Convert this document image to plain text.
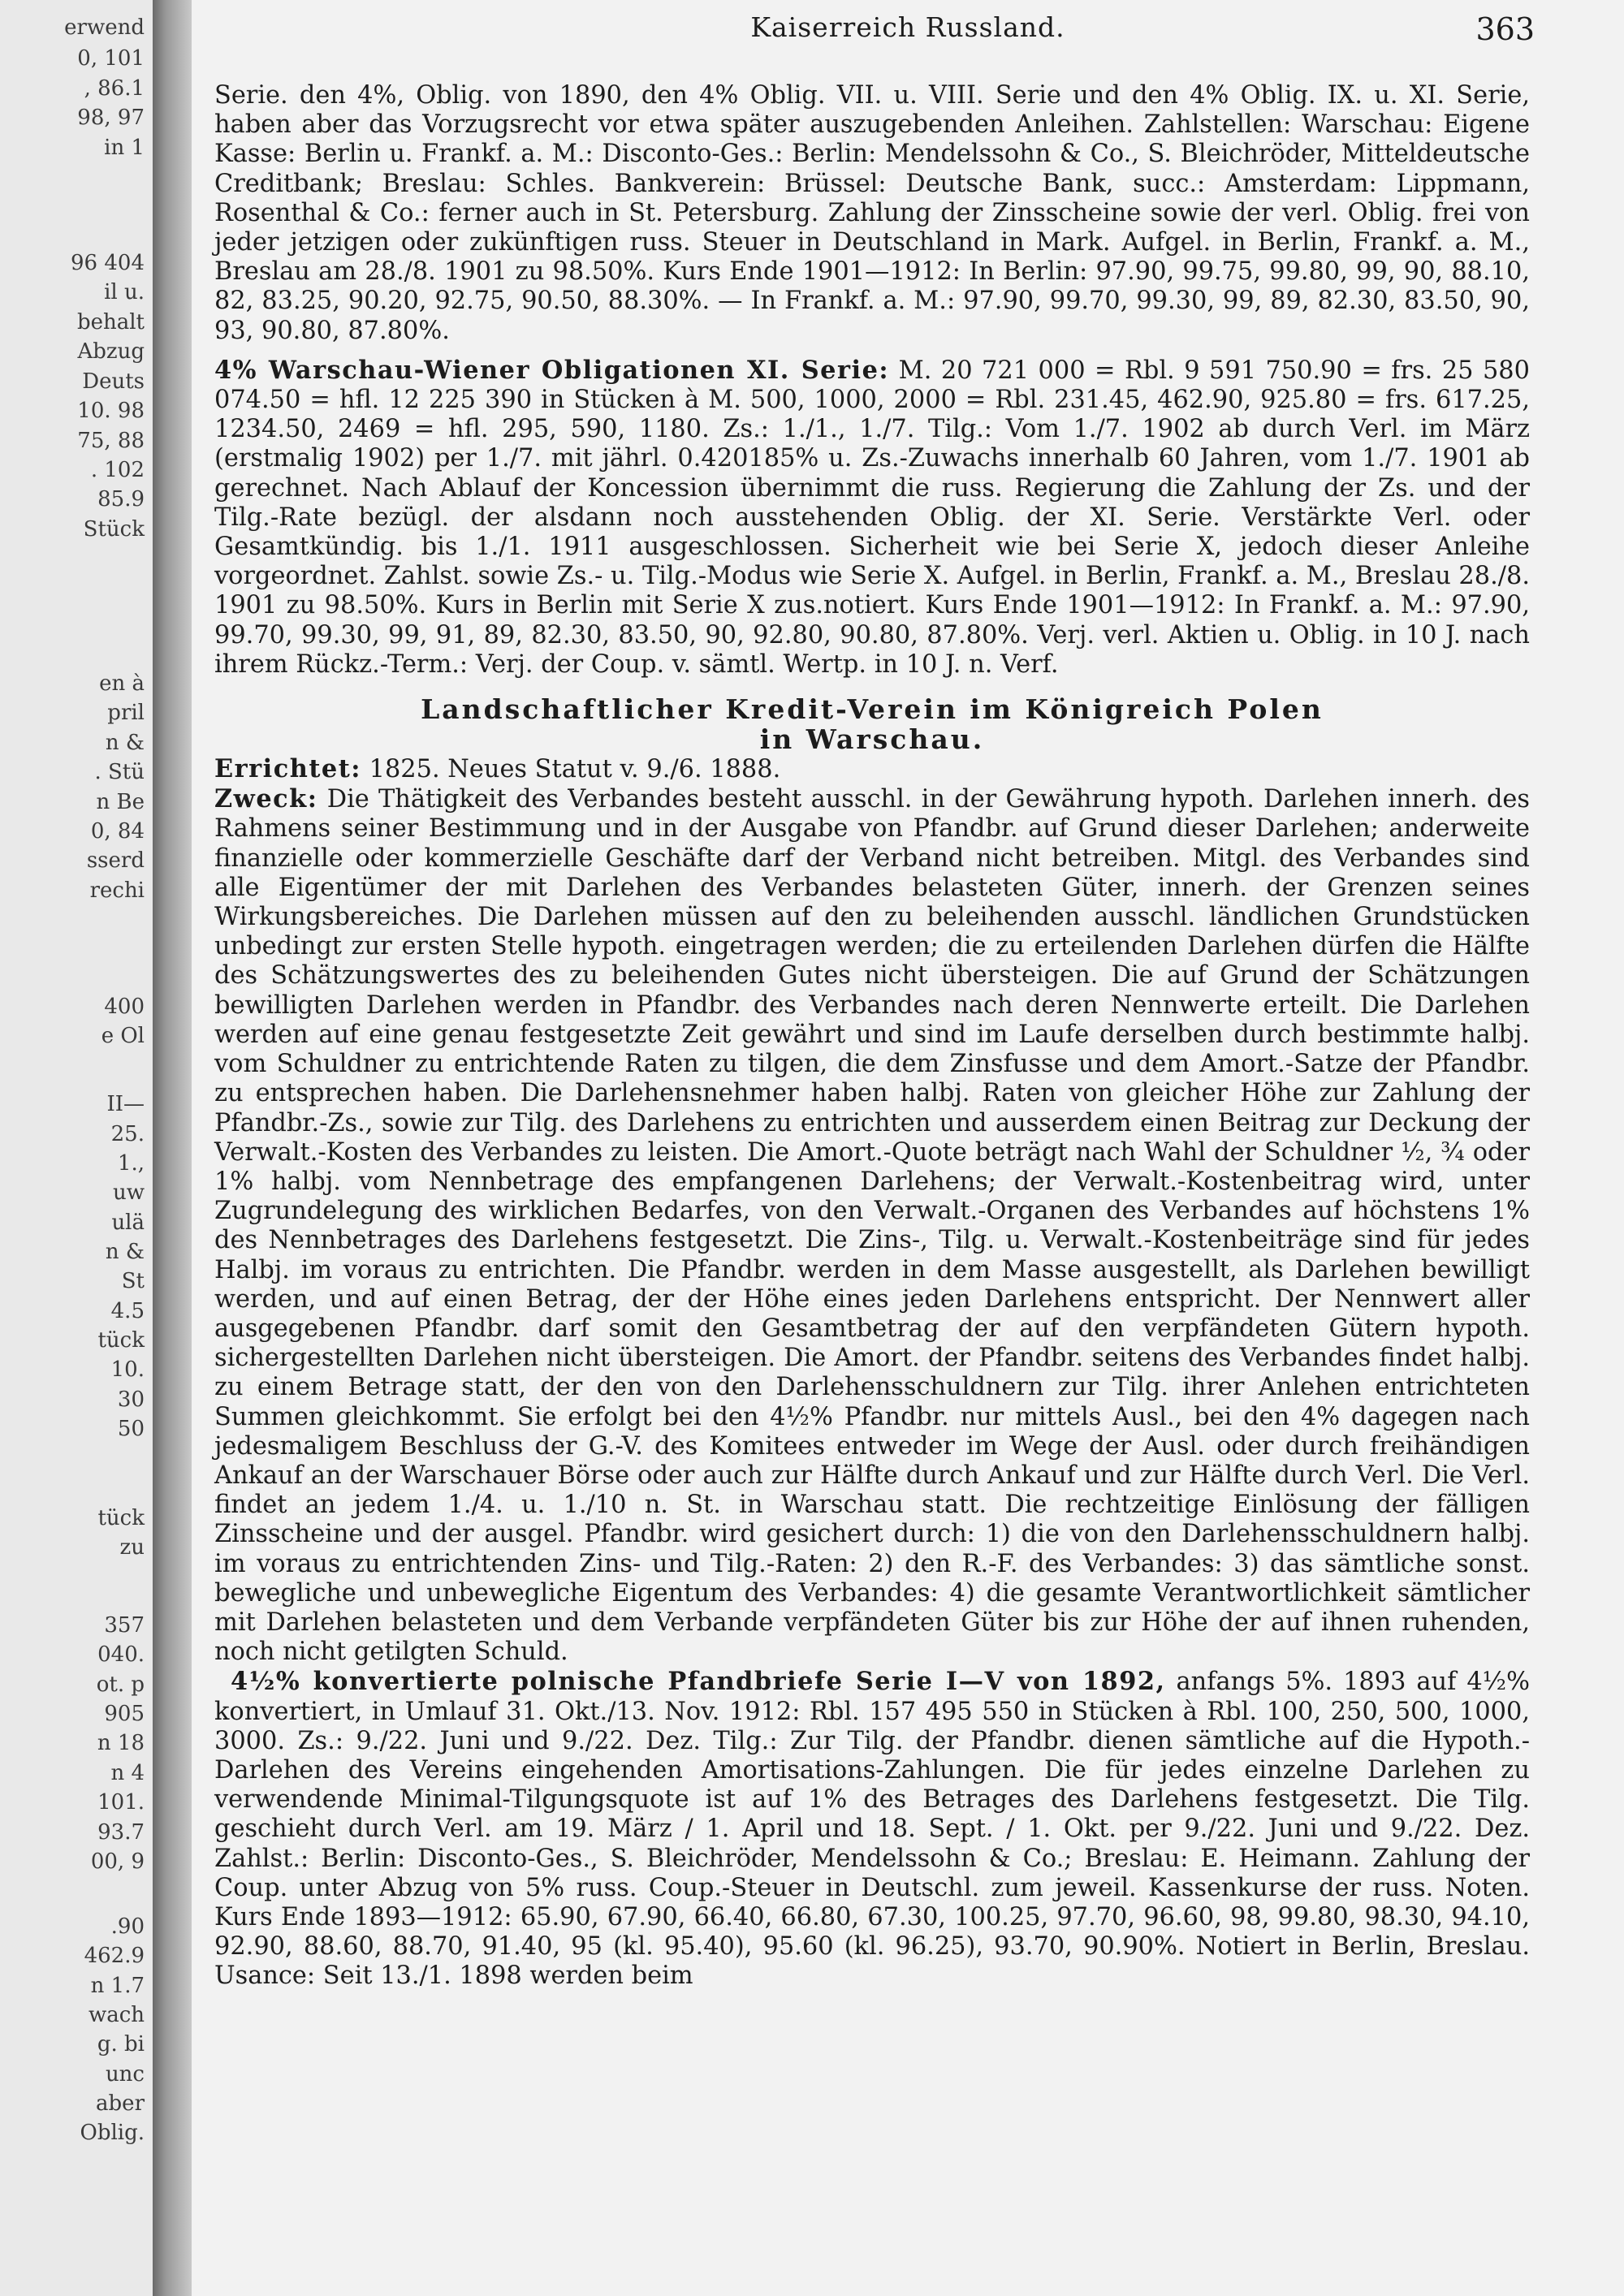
erwend
0, 101
, 86.1
98, 97
in 1
96 404
il u.
behalt
Abzug
Deuts
10. 98
75, 88
. 102
85.9
Stück
en à
pril
n &
. Stü
n Be
0, 84
sserd
rechi
400
e Ol
II—
25.
1.,
uw
ulä
n &
St
4.5
tück
10.
30
50
tück
zu
357
040.
ot. p
905
n 18
n 4
101.
93.7
00, 9
.90
462.9
n 1.7
wach
g. bi
unc
aber
Oblig.
Kaiserreich Russland.	363

Serie. den 4%, Oblig. von 1890, den 4% Oblig. VII. u. VIII. Serie und den 4% Oblig. IX. u. XI. Serie, haben aber das Vorzugsrecht vor etwa später auszugebenden Anleihen. Zahlstellen: Warschau: Eigene Kasse: Berlin u. Frankf. a. M.: Disconto-Ges.: Berlin: Mendelssohn & Co., S. Bleichröder, Mitteldeutsche Creditbank; Breslau: Schles. Bankverein: Brüssel: Deutsche Bank, succ.: Amsterdam: Lippmann, Rosenthal & Co.: ferner auch in St. Petersburg. Zahlung der Zinsscheine sowie der verl. Oblig. frei von jeder jetzigen oder zukünftigen russ. Steuer in Deutschland in Mark. Aufgel. in Berlin, Frankf. a. M., Breslau am 28./8. 1901 zu 98.50%. Kurs Ende 1901—1912: In Berlin: 97.90, 99.75, 99.80, 99, 90, 88.10, 82, 83.25, 90.20, 92.75, 90.50, 88.30%. — In Frankf. a. M.: 97.90, 99.70, 99.30, 99, 89, 82.30, 83.50, 90, 93, 90.80, 87.80%.

4% Warschau-Wiener Obligationen XI. Serie: M. 20 721 000 = Rbl. 9 591 750.90 = frs. 25 580 074.50 = hfl. 12 225 390 in Stücken à M. 500, 1000, 2000 = Rbl. 231.45, 462.90, 925.80 = frs. 617.25, 1234.50, 2469 = hfl. 295, 590, 1180. Zs.: 1./1., 1./7. Tilg.: Vom 1./7. 1902 ab durch Verl. im März (erstmalig 1902) per 1./7. mit jährl. 0.420185% u. Zs.-Zuwachs innerhalb 60 Jahren, vom 1./7. 1901 ab gerechnet. Nach Ablauf der Koncession übernimmt die russ. Regierung die Zahlung der Zs. und der Tilg.-Rate bezügl. der alsdann noch ausstehenden Oblig. der XI. Serie. Verstärkte Verl. oder Gesamtkündig. bis 1./1. 1911 ausgeschlossen. Sicherheit wie bei Serie X, jedoch dieser Anleihe vorgeordnet. Zahlst. sowie Zs.- u. Tilg.-Modus wie Serie X. Aufgel. in Berlin, Frankf. a. M., Breslau 28./8. 1901 zu 98.50%. Kurs in Berlin mit Serie X zus.notiert. Kurs Ende 1901—1912: In Frankf. a. M.: 97.90, 99.70, 99.30, 99, 91, 89, 82.30, 83.50, 90, 92.80, 90.80, 87.80%. Verj. verl. Aktien u. Oblig. in 10 J. nach ihrem Rückz.-Term.: Verj. der Coup. v. sämtl. Wertp. in 10 J. n. Verf.

Landschaftlicher Kredit-Verein im Königreich Polen
in Warschau.

Errichtet: 1825. Neues Statut v. 9./6. 1888.

Zweck: Die Thätigkeit des Verbandes besteht ausschl. in der Gewährung hypoth. Darlehen innerh. des Rahmens seiner Bestimmung und in der Ausgabe von Pfandbr. auf Grund dieser Darlehen; anderweite finanzielle oder kommerzielle Geschäfte darf der Verband nicht betreiben. Mitgl. des Verbandes sind alle Eigentümer der mit Darlehen des Verbandes belasteten Güter, innerh. der Grenzen seines Wirkungsbereiches. Die Darlehen müssen auf den zu beleihenden ausschl. ländlichen Grundstücken unbedingt zur ersten Stelle hypoth. eingetragen werden; die zu erteilenden Darlehen dürfen die Hälfte des Schätzungswertes des zu beleihenden Gutes nicht übersteigen. Die auf Grund der Schätzungen bewilligten Darlehen werden in Pfandbr. des Verbandes nach deren Nennwerte erteilt. Die Darlehen werden auf eine genau festgesetzte Zeit gewährt und sind im Laufe derselben durch bestimmte halbj. vom Schuldner zu entrichtende Raten zu tilgen, die dem Zinsfusse und dem Amort.-Satze der Pfandbr. zu entsprechen haben. Die Darlehensnehmer haben halbj. Raten von gleicher Höhe zur Zahlung der Pfandbr.-Zs., sowie zur Tilg. des Darlehens zu entrichten und ausserdem einen Beitrag zur Deckung der Verwalt.-Kosten des Verbandes zu leisten. Die Amort.-Quote beträgt nach Wahl der Schuldner ½, ¾ oder 1% halbj. vom Nennbetrage des empfangenen Darlehens; der Verwalt.-Kostenbeitrag wird, unter Zugrundelegung des wirklichen Bedarfes, von den Verwalt.-Organen des Verbandes auf höchstens 1% des Nennbetrages des Darlehens festgesetzt. Die Zins-, Tilg. u. Verwalt.-Kostenbeiträge sind für jedes Halbj. im voraus zu entrichten. Die Pfandbr. werden in dem Masse ausgestellt, als Darlehen bewilligt werden, und auf einen Betrag, der der Höhe eines jeden Darlehens entspricht. Der Nennwert aller ausgegebenen Pfandbr. darf somit den Gesamtbetrag der auf den verpfändeten Gütern hypoth. sichergestellten Darlehen nicht übersteigen. Die Amort. der Pfandbr. seitens des Verbandes findet halbj. zu einem Betrage statt, der den von den Darlehensschuldnern zur Tilg. ihrer Anlehen entrichteten Summen gleichkommt. Sie erfolgt bei den 4½% Pfandbr. nur mittels Ausl., bei den 4% dagegen nach jedesmaligem Beschluss der G.-V. des Komitees entweder im Wege der Ausl. oder durch freihändigen Ankauf an der Warschauer Börse oder auch zur Hälfte durch Ankauf und zur Hälfte durch Verl. Die Verl. findet an jedem 1./4. u. 1./10 n. St. in Warschau statt. Die rechtzeitige Einlösung der fälligen Zinsscheine und der ausgel. Pfandbr. wird gesichert durch: 1) die von den Darlehensschuldnern halbj. im voraus zu entrichtenden Zins- und Tilg.-Raten: 2) den R.-F. des Verbandes: 3) das sämtliche sonst. bewegliche und unbewegliche Eigentum des Verbandes: 4) die gesamte Verantwortlichkeit sämtlicher mit Darlehen belasteten und dem Verbande verpfändeten Güter bis zur Höhe der auf ihnen ruhenden, noch nicht getilgten Schuld.

4½% konvertierte polnische Pfandbriefe Serie I—V von 1892, anfangs 5%. 1893 auf 4½% konvertiert, in Umlauf 31. Okt./13. Nov. 1912: Rbl. 157 495 550 in Stücken à Rbl. 100, 250, 500, 1000, 3000. Zs.: 9./22. Juni und 9./22. Dez. Tilg.: Zur Tilg. der Pfandbr. dienen sämtliche auf die Hypoth.-Darlehen des Vereins eingehenden Amortisations-Zahlungen. Die für jedes einzelne Darlehen zu verwendende Minimal-Tilgungsquote ist auf 1% des Betrages des Darlehens festgesetzt. Die Tilg. geschieht durch Verl. am 19. März / 1. April und 18. Sept. / 1. Okt. per 9./22. Juni und 9./22. Dez. Zahlst.: Berlin: Disconto-Ges., S. Bleichröder, Mendelssohn & Co.; Breslau: E. Heimann. Zahlung der Coup. unter Abzug von 5% russ. Coup.-Steuer in Deutschl. zum jeweil. Kassenkurse der russ. Noten. Kurs Ende 1893—1912: 65.90, 67.90, 66.40, 66.80, 67.30, 100.25, 97.70, 96.60, 98, 99.80, 98.30, 94.10, 92.90, 88.60, 88.70, 91.40, 95 (kl. 95.40), 95.60 (kl. 96.25), 93.70, 90.90%. Notiert in Berlin, Breslau. Usance: Seit 13./1. 1898 werden beim
